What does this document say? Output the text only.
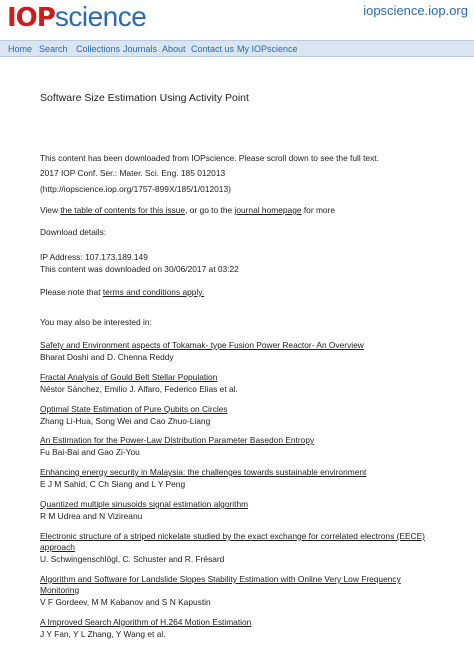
IOP science	iopscience.iop.org
Home Search Collections Journals About Contact us My IOPscience
Software Size Estimation Using Activity Point
This content has been downloaded from IOPscience. Please scroll down to see the full text.
2017 IOP Conf. Ser.: Mater. Sci. Eng. 185 012013
(http://iopscience.iop.org/1757-899X/185/1/012013)
View the table of contents for this issue, or go to the journal homepage for more
Download details:
IP Address: 107.173.189.149
This content was downloaded on 30/06/2017 at 03:22
Please note that terms and conditions apply.
You may also be interested in:
Safety and Environment aspects of Tokamak- type Fusion Power Reactor- An Overview
Bharat Doshi and D. Chenna Reddy
Fractal Analysis of Gould Belt Stellar Population
Néstor Sánchez, Emilio J. Alfaro, Federico Elias et al.
Optimal State Estimation of Pure Qubits on Circles
Zhang Li-Hua, Song Wei and Cao Zhuo-Liang
An Estimation for the Power-Law Distribution Parameter Basedon Entropy
Fu Bai-Bai and Gao Zi-You
Enhancing energy security in Malaysia: the challenges towards sustainable environment
E J M Sahid, C Ch Siang and L Y Peng
Quantized multiple sinusoids signal estimation algorithm
R M Udrea and N Vizireanu
Electronic structure of a striped nickelate studied by the exact exchange for correlated electrons (EECE) approach
U. Schwingenschlögl, C. Schuster and R. Frésard
Algorithm and Software for Landslide Slopes Stability Estimation with Online Very Low Frequency Monitoring
V F Gordeev, M M Kabanov and S N Kapustin
A Improved Search Algorithm of H.264 Motion Estimation
J Y Fan, Y L Zhang, Y Wang et al.
